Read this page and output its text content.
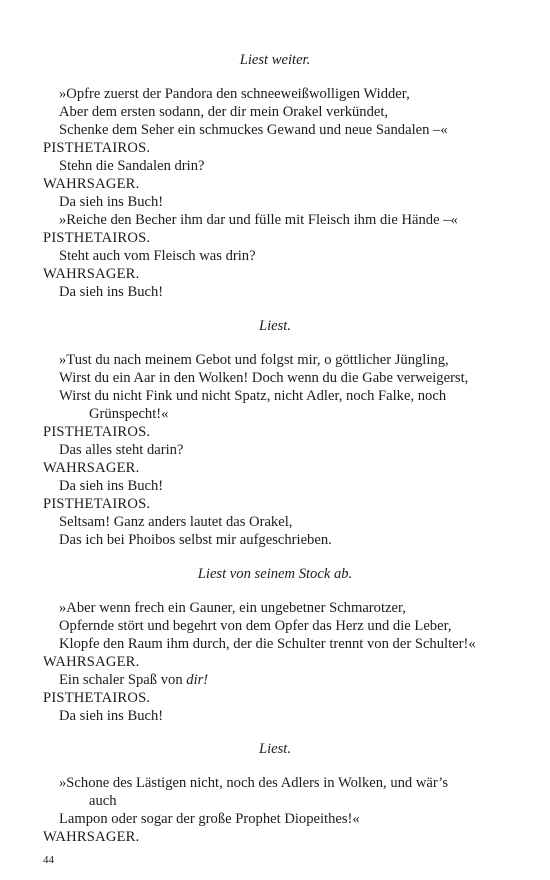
Liest weiter.
»Opfre zuerst der Pandora den schneeweißwolligen Widder,
Aber dem ersten sodann, der dir mein Orakel verkündet,
Schenke dem Seher ein schmuckes Gewand und neue Sandalen –«
PISTHETAIROS.
Stehn die Sandalen drin?
WAHRSAGER.
Da sieh ins Buch!
»Reiche den Becher ihm dar und fülle mit Fleisch ihm die Hände –«
PISTHETAIROS.
Steht auch vom Fleisch was drin?
WAHRSAGER.
Da sieh ins Buch!
Liest.
»Tust du nach meinem Gebot und folgst mir, o göttlicher Jüngling,
Wirst du ein Aar in den Wolken! Doch wenn du die Gabe verweigerst,
Wirst du nicht Fink und nicht Spatz, nicht Adler, noch Falke, noch
Grünspecht!«
PISTHETAIROS.
Das alles steht darin?
WAHRSAGER.
Da sieh ins Buch!
PISTHETAIROS.
Seltsam! Ganz anders lautet das Orakel,
Das ich bei Phoibos selbst mir aufgeschrieben.
Liest von seinem Stock ab.
»Aber wenn frech ein Gauner, ein ungebetner Schmarotzer,
Opfernde stört und begehrt von dem Opfer das Herz und die Leber,
Klopfe den Raum ihm durch, der die Schulter trennt von der Schulter!«
WAHRSAGER.
Ein schaler Spaß von dir!
PISTHETAIROS.
Da sieh ins Buch!
Liest.
»Schone des Lästigen nicht, noch des Adlers in Wolken, und wär’s
auch
Lampon oder sogar der große Prophet Diopeithes!«
WAHRSAGER.
44
